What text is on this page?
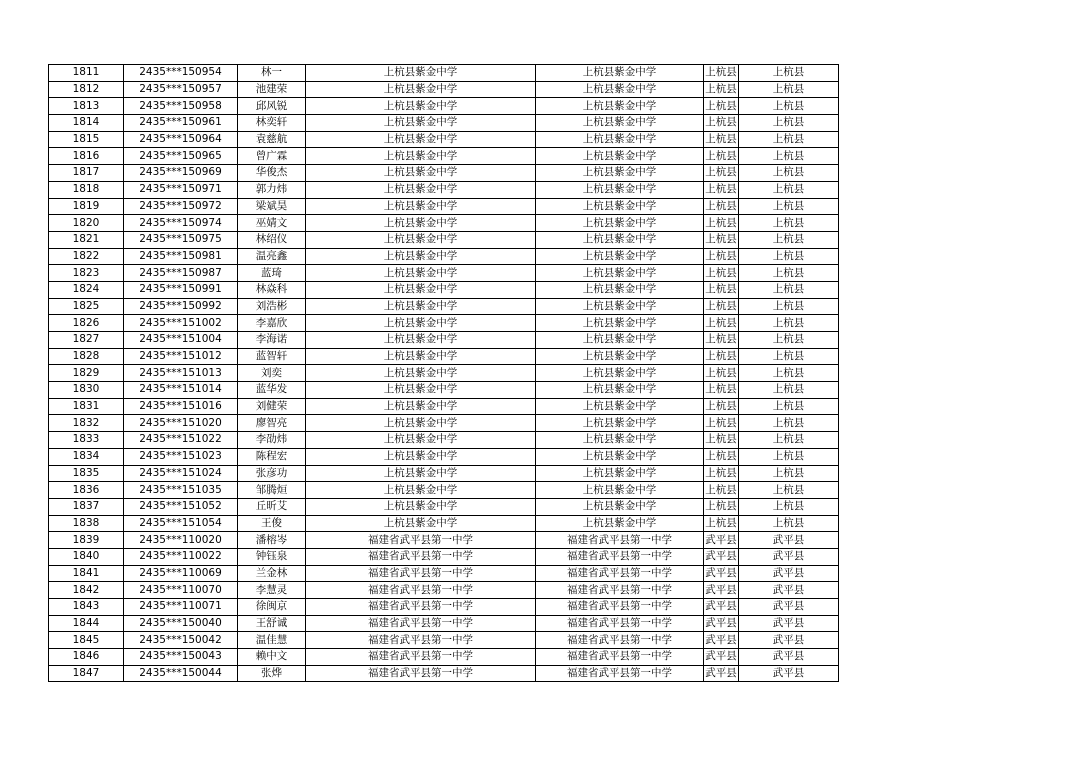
1811	2435***150954	林一	上杭县紫金中学	上杭县紫金中学	上杭县	上杭县
1812	2435***150957	池建荣	上杭县紫金中学	上杭县紫金中学	上杭县	上杭县
1813	2435***150958	邱风锐	上杭县紫金中学	上杭县紫金中学	上杭县	上杭县
1814	2435***150961	林奕轩	上杭县紫金中学	上杭县紫金中学	上杭县	上杭县
1815	2435***150964	袁慈航	上杭县紫金中学	上杭县紫金中学	上杭县	上杭县
1816	2435***150965	曾广霖	上杭县紫金中学	上杭县紫金中学	上杭县	上杭县
1817	2435***150969	华俊杰	上杭县紫金中学	上杭县紫金中学	上杭县	上杭县
1818	2435***150971	郭力炜	上杭县紫金中学	上杭县紫金中学	上杭县	上杭县
1819	2435***150972	梁斌昊	上杭县紫金中学	上杭县紫金中学	上杭县	上杭县
1820	2435***150974	巫婧文	上杭县紫金中学	上杭县紫金中学	上杭县	上杭县
1821	2435***150975	林绍仪	上杭县紫金中学	上杭县紫金中学	上杭县	上杭县
1822	2435***150981	温亮鑫	上杭县紫金中学	上杭县紫金中学	上杭县	上杭县
1823	2435***150987	蓝琦	上杭县紫金中学	上杭县紫金中学	上杭县	上杭县
1824	2435***150991	林焱科	上杭县紫金中学	上杭县紫金中学	上杭县	上杭县
1825	2435***150992	刘浩彬	上杭县紫金中学	上杭县紫金中学	上杭县	上杭县
1826	2435***151002	李嘉欣	上杭县紫金中学	上杭县紫金中学	上杭县	上杭县
1827	2435***151004	李海诺	上杭县紫金中学	上杭县紫金中学	上杭县	上杭县
1828	2435***151012	蓝智轩	上杭县紫金中学	上杭县紫金中学	上杭县	上杭县
1829	2435***151013	刘奕	上杭县紫金中学	上杭县紫金中学	上杭县	上杭县
1830	2435***151014	蓝华发	上杭县紫金中学	上杭县紫金中学	上杭县	上杭县
1831	2435***151016	刘健荣	上杭县紫金中学	上杭县紫金中学	上杭县	上杭县
1832	2435***151020	廖智亮	上杭县紫金中学	上杭县紫金中学	上杭县	上杭县
1833	2435***151022	李劭炜	上杭县紫金中学	上杭县紫金中学	上杭县	上杭县
1834	2435***151023	陈程宏	上杭县紫金中学	上杭县紫金中学	上杭县	上杭县
1835	2435***151024	张彦功	上杭县紫金中学	上杭县紫金中学	上杭县	上杭县
1836	2435***151035	邹腾烜	上杭县紫金中学	上杭县紫金中学	上杭县	上杭县
1837	2435***151052	丘昕艾	上杭县紫金中学	上杭县紫金中学	上杭县	上杭县
1838	2435***151054	王俊	上杭县紫金中学	上杭县紫金中学	上杭县	上杭县
1839	2435***110020	潘榕岑	福建省武平县第一中学	福建省武平县第一中学	武平县	武平县
1840	2435***110022	钟钰泉	福建省武平县第一中学	福建省武平县第一中学	武平县	武平县
1841	2435***110069	兰金林	福建省武平县第一中学	福建省武平县第一中学	武平县	武平县
1842	2435***110070	李慧灵	福建省武平县第一中学	福建省武平县第一中学	武平县	武平县
1843	2435***110071	徐闽京	福建省武平县第一中学	福建省武平县第一中学	武平县	武平县
1844	2435***150040	王舒诚	福建省武平县第一中学	福建省武平县第一中学	武平县	武平县
1845	2435***150042	温佳慧	福建省武平县第一中学	福建省武平县第一中学	武平县	武平县
1846	2435***150043	赖中文	福建省武平县第一中学	福建省武平县第一中学	武平县	武平县
1847	2435***150044	张烨	福建省武平县第一中学	福建省武平县第一中学	武平县	武平县
